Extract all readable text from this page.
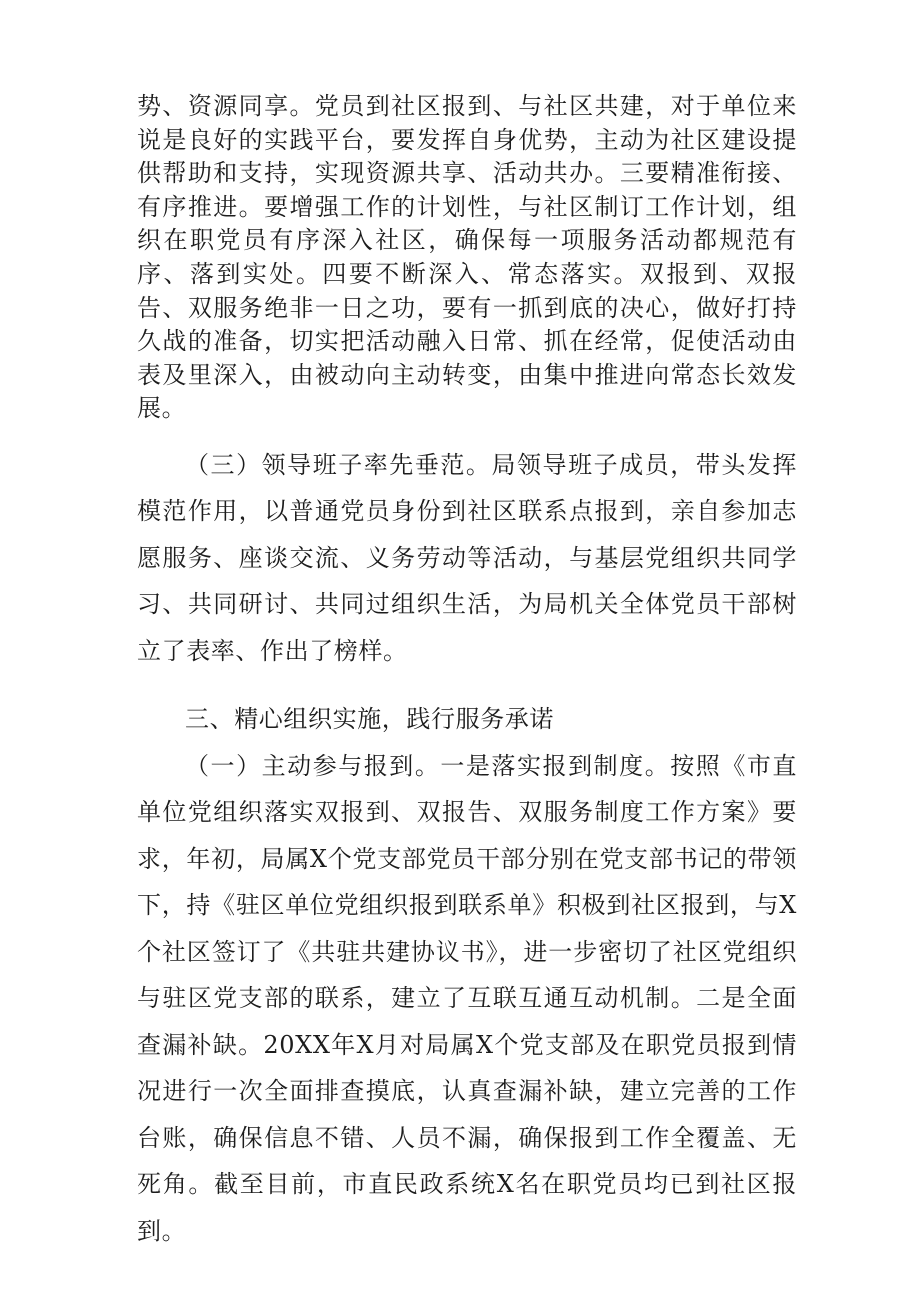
势、资源同享。党员到社区报到、与社区共建，对于单位来说是良好的实践平台，要发挥自身优势，主动为社区建设提供帮助和支持，实现资源共享、活动共办。三要精准衔接、有序推进。要增强工作的计划性，与社区制订工作计划，组织在职党员有序深入社区，确保每一项服务活动都规范有序、落到实处。四要不断深入、常态落实。双报到、双报告、双服务绝非一日之功，要有一抓到底的决心，做好打持久战的准备，切实把活动融入日常、抓在经常，促使活动由表及里深入，由被动向主动转变，由集中推进向常态长效发展。

（三）领导班子率先垂范。局领导班子成员，带头发挥模范作用，以普通党员身份到社区联系点报到，亲自参加志愿服务、座谈交流、义务劳动等活动，与基层党组织共同学习、共同研讨、共同过组织生活，为局机关全体党员干部树立了表率、作出了榜样。

三、精心组织实施，践行服务承诺

（一）主动参与报到。一是落实报到制度。按照《市直单位党组织落实双报到、双报告、双服务制度工作方案》要求，年初，局属X个党支部党员干部分别在党支部书记的带领下，持《驻区单位党组织报到联系单》积极到社区报到，与X个社区签订了《共驻共建协议书》，进一步密切了社区党组织与驻区党支部的联系，建立了互联互通互动机制。二是全面查漏补缺。20XX年X月对局属X个党支部及在职党员报到情况进行一次全面排查摸底，认真查漏补缺，建立完善的工作台账，确保信息不错、人员不漏，确保报到工作全覆盖、无死角。截至目前，市直民政系统X名在职党员均已到社区报到。
